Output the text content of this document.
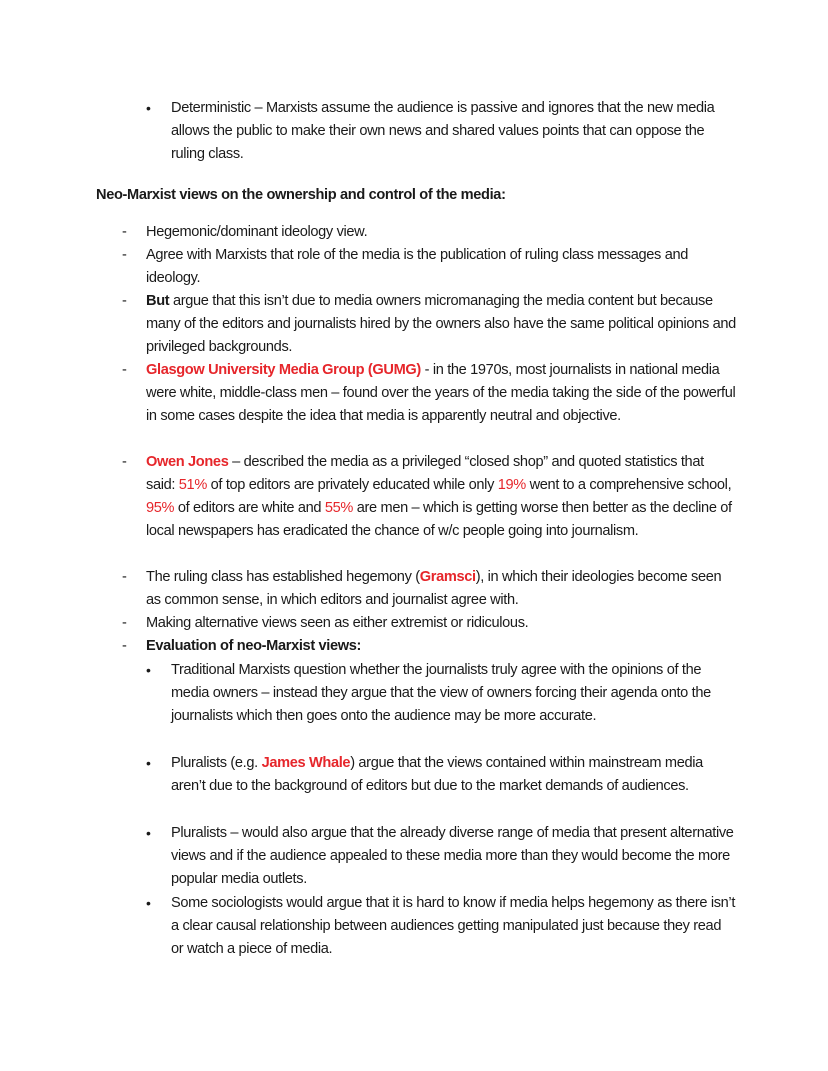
• Deterministic – Marxists assume the audience is passive and ignores that the new media allows the public to make their own news and shared values points that can oppose the ruling class.
Neo-Marxist views on the ownership and control of the media:
- Hegemonic/dominant ideology view.
- Agree with Marxists that role of the media is the publication of ruling class messages and ideology.
- But argue that this isn’t due to media owners micromanaging the media content but because many of the editors and journalists hired by the owners also have the same political opinions and privileged backgrounds.
- Glasgow University Media Group (GUMG) - in the 1970s, most journalists in national media were white, middle-class men – found over the years of the media taking the side of the powerful in some cases despite the idea that media is apparently neutral and objective.
- Owen Jones – described the media as a privileged “closed shop” and quoted statistics that said: 51% of top editors are privately educated while only 19% went to a comprehensive school, 95% of editors are white and 55% are men – which is getting worse then better as the decline of local newspapers has eradicated the chance of w/c people going into journalism.
- The ruling class has established hegemony (Gramsci), in which their ideologies become seen as common sense, in which editors and journalist agree with.
- Making alternative views seen as either extremist or ridiculous.
- Evaluation of neo-Marxist views:
• Traditional Marxists question whether the journalists truly agree with the opinions of the media owners – instead they argue that the view of owners forcing their agenda onto the journalists which then goes onto the audience may be more accurate.
• Pluralists (e.g. James Whale) argue that the views contained within mainstream media aren’t due to the background of editors but due to the market demands of audiences.
• Pluralists – would also argue that the already diverse range of media that present alternative views and if the audience appealed to these media more than they would become the more popular media outlets.
• Some sociologists would argue that it is hard to know if media helps hegemony as there isn’t a clear causal relationship between audiences getting manipulated just because they read or watch a piece of media.
